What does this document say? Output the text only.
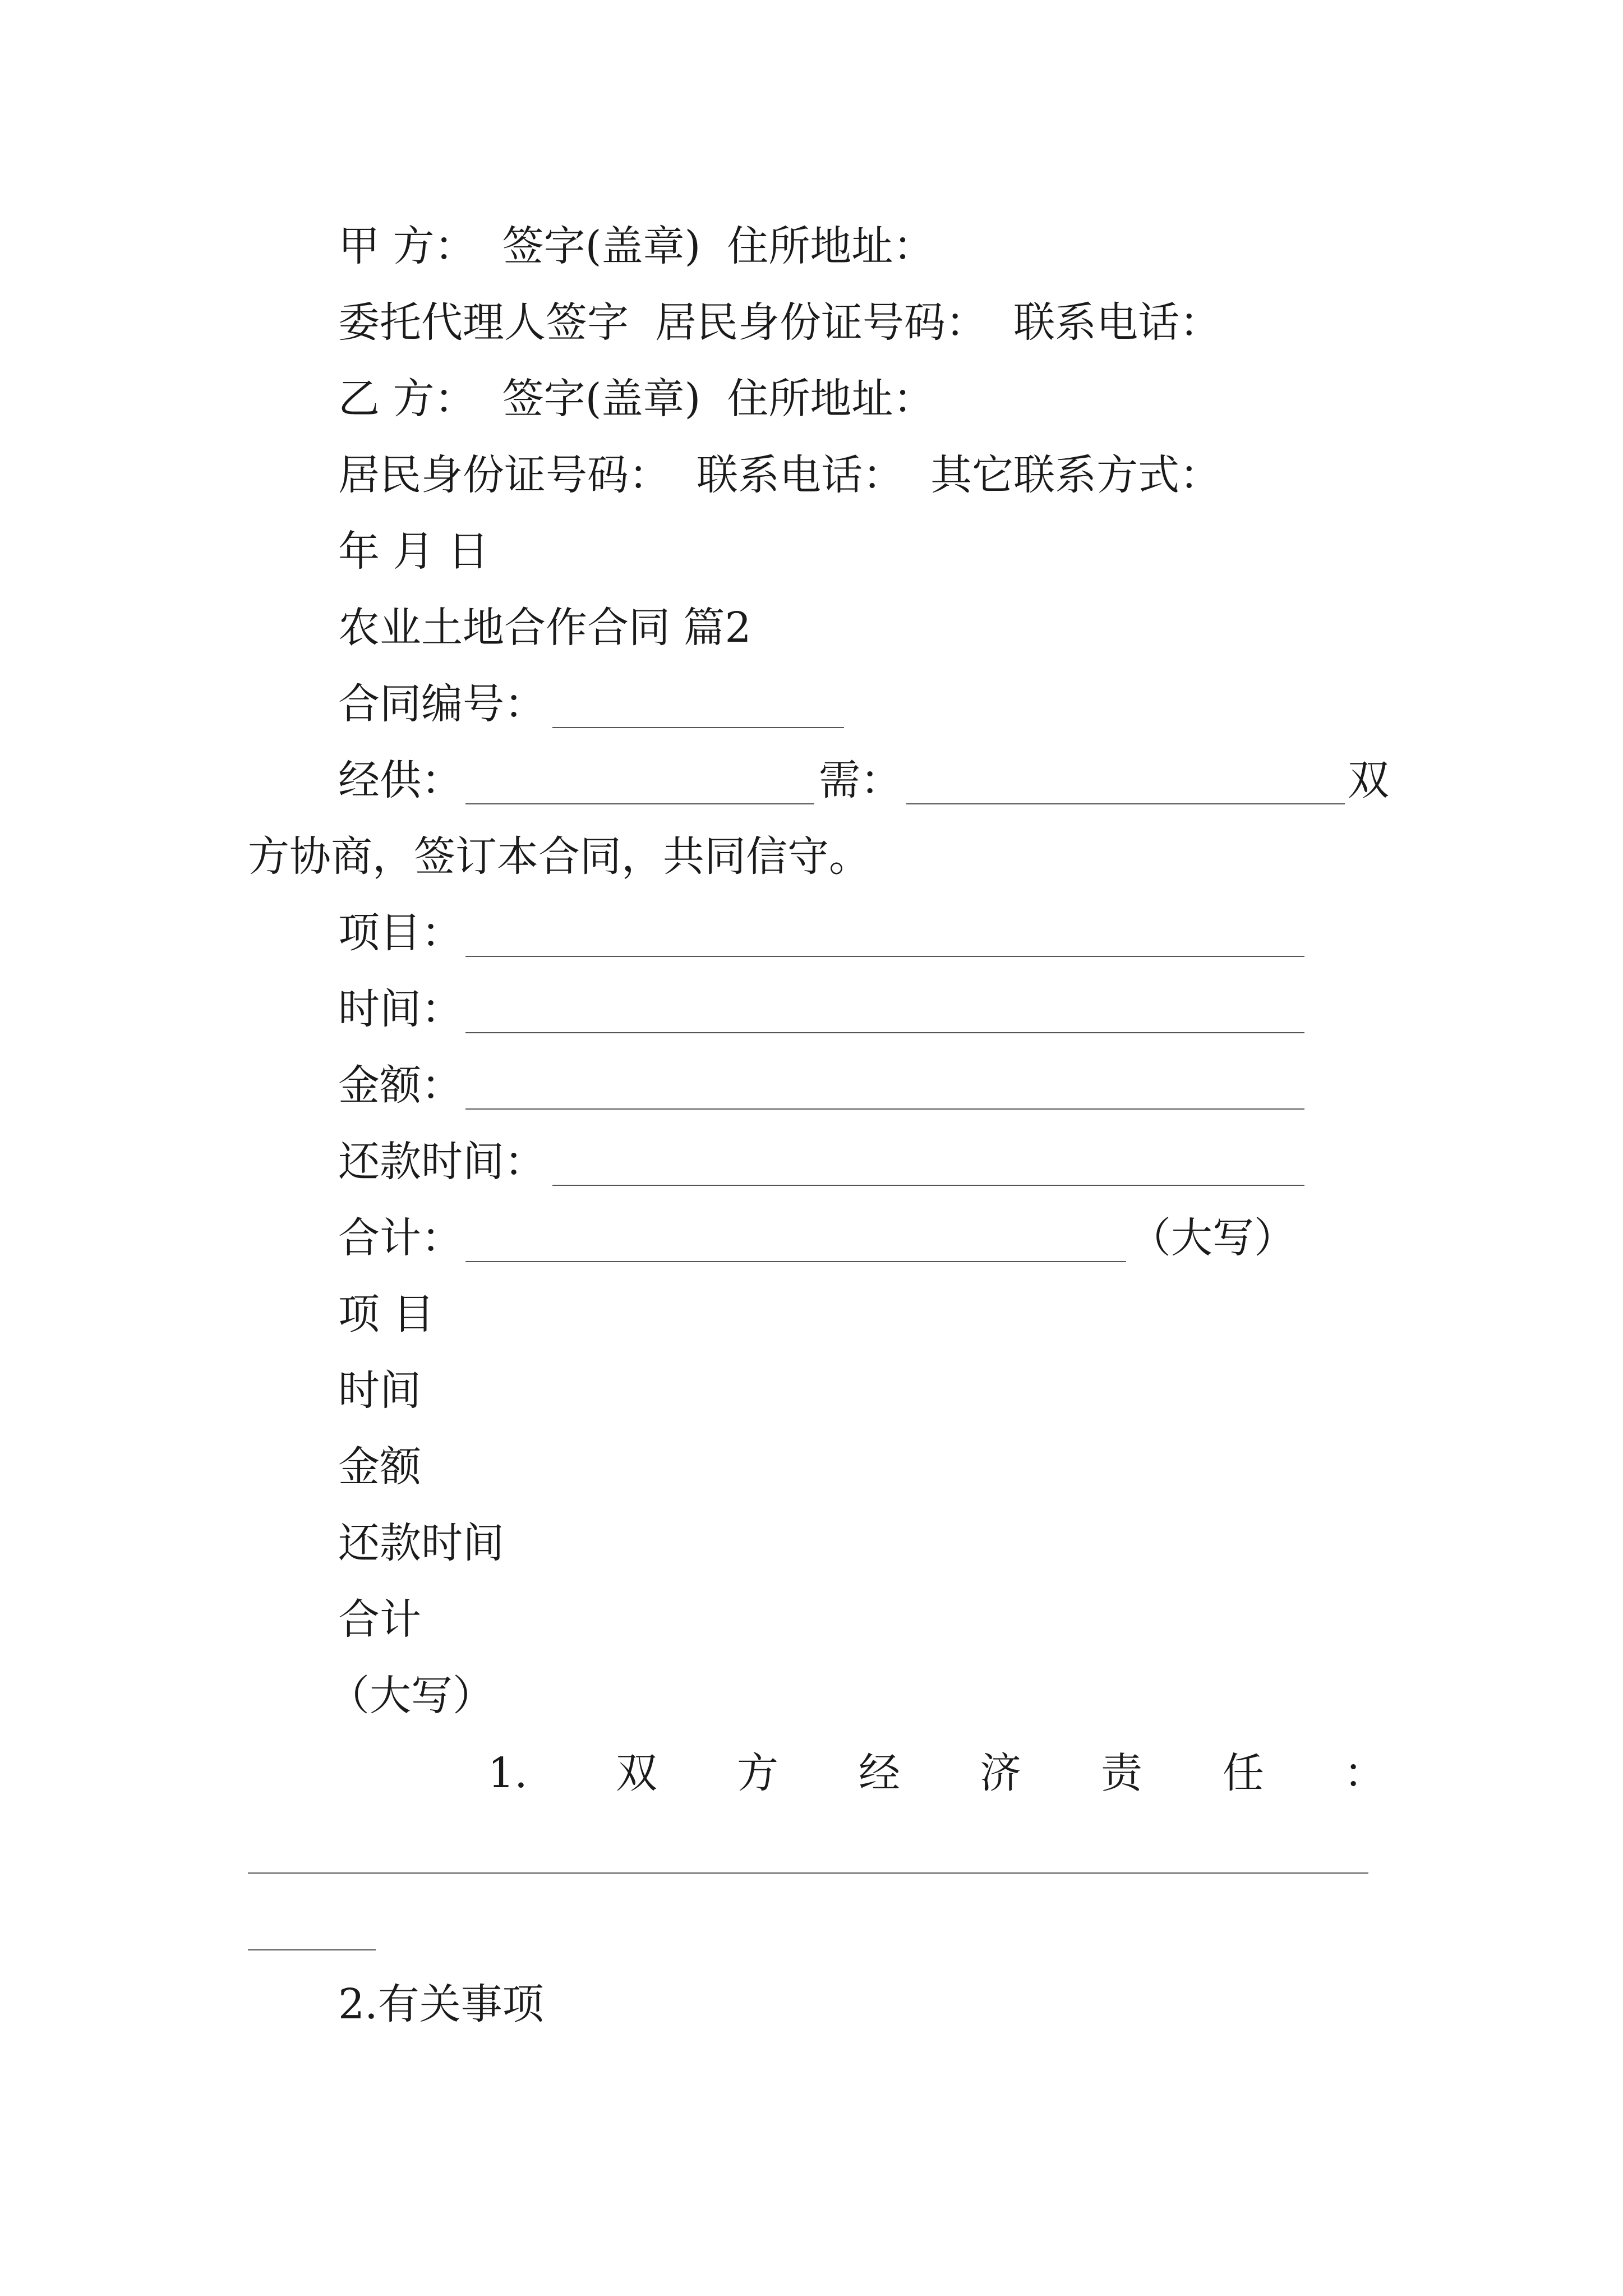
甲 方： 签字(盖章) 住所地址：
委托代理人签字 居民身份证号码： 联系电话：
乙 方： 签字(盖章) 住所地址：
居民身份证号码： 联系电话： 其它联系方式：
年 月 日
农业土地合作合同 篇2
合同编号：
经供：	需：	双
方协商，签订本合同，共同信守。
项目：
时间：
金额：
还款时间：
合计：	（大写）
项 目
时间
金额
还款时间
合计
（大写）
1. 双 方 经 济 责 任 ：
2.有关事项
